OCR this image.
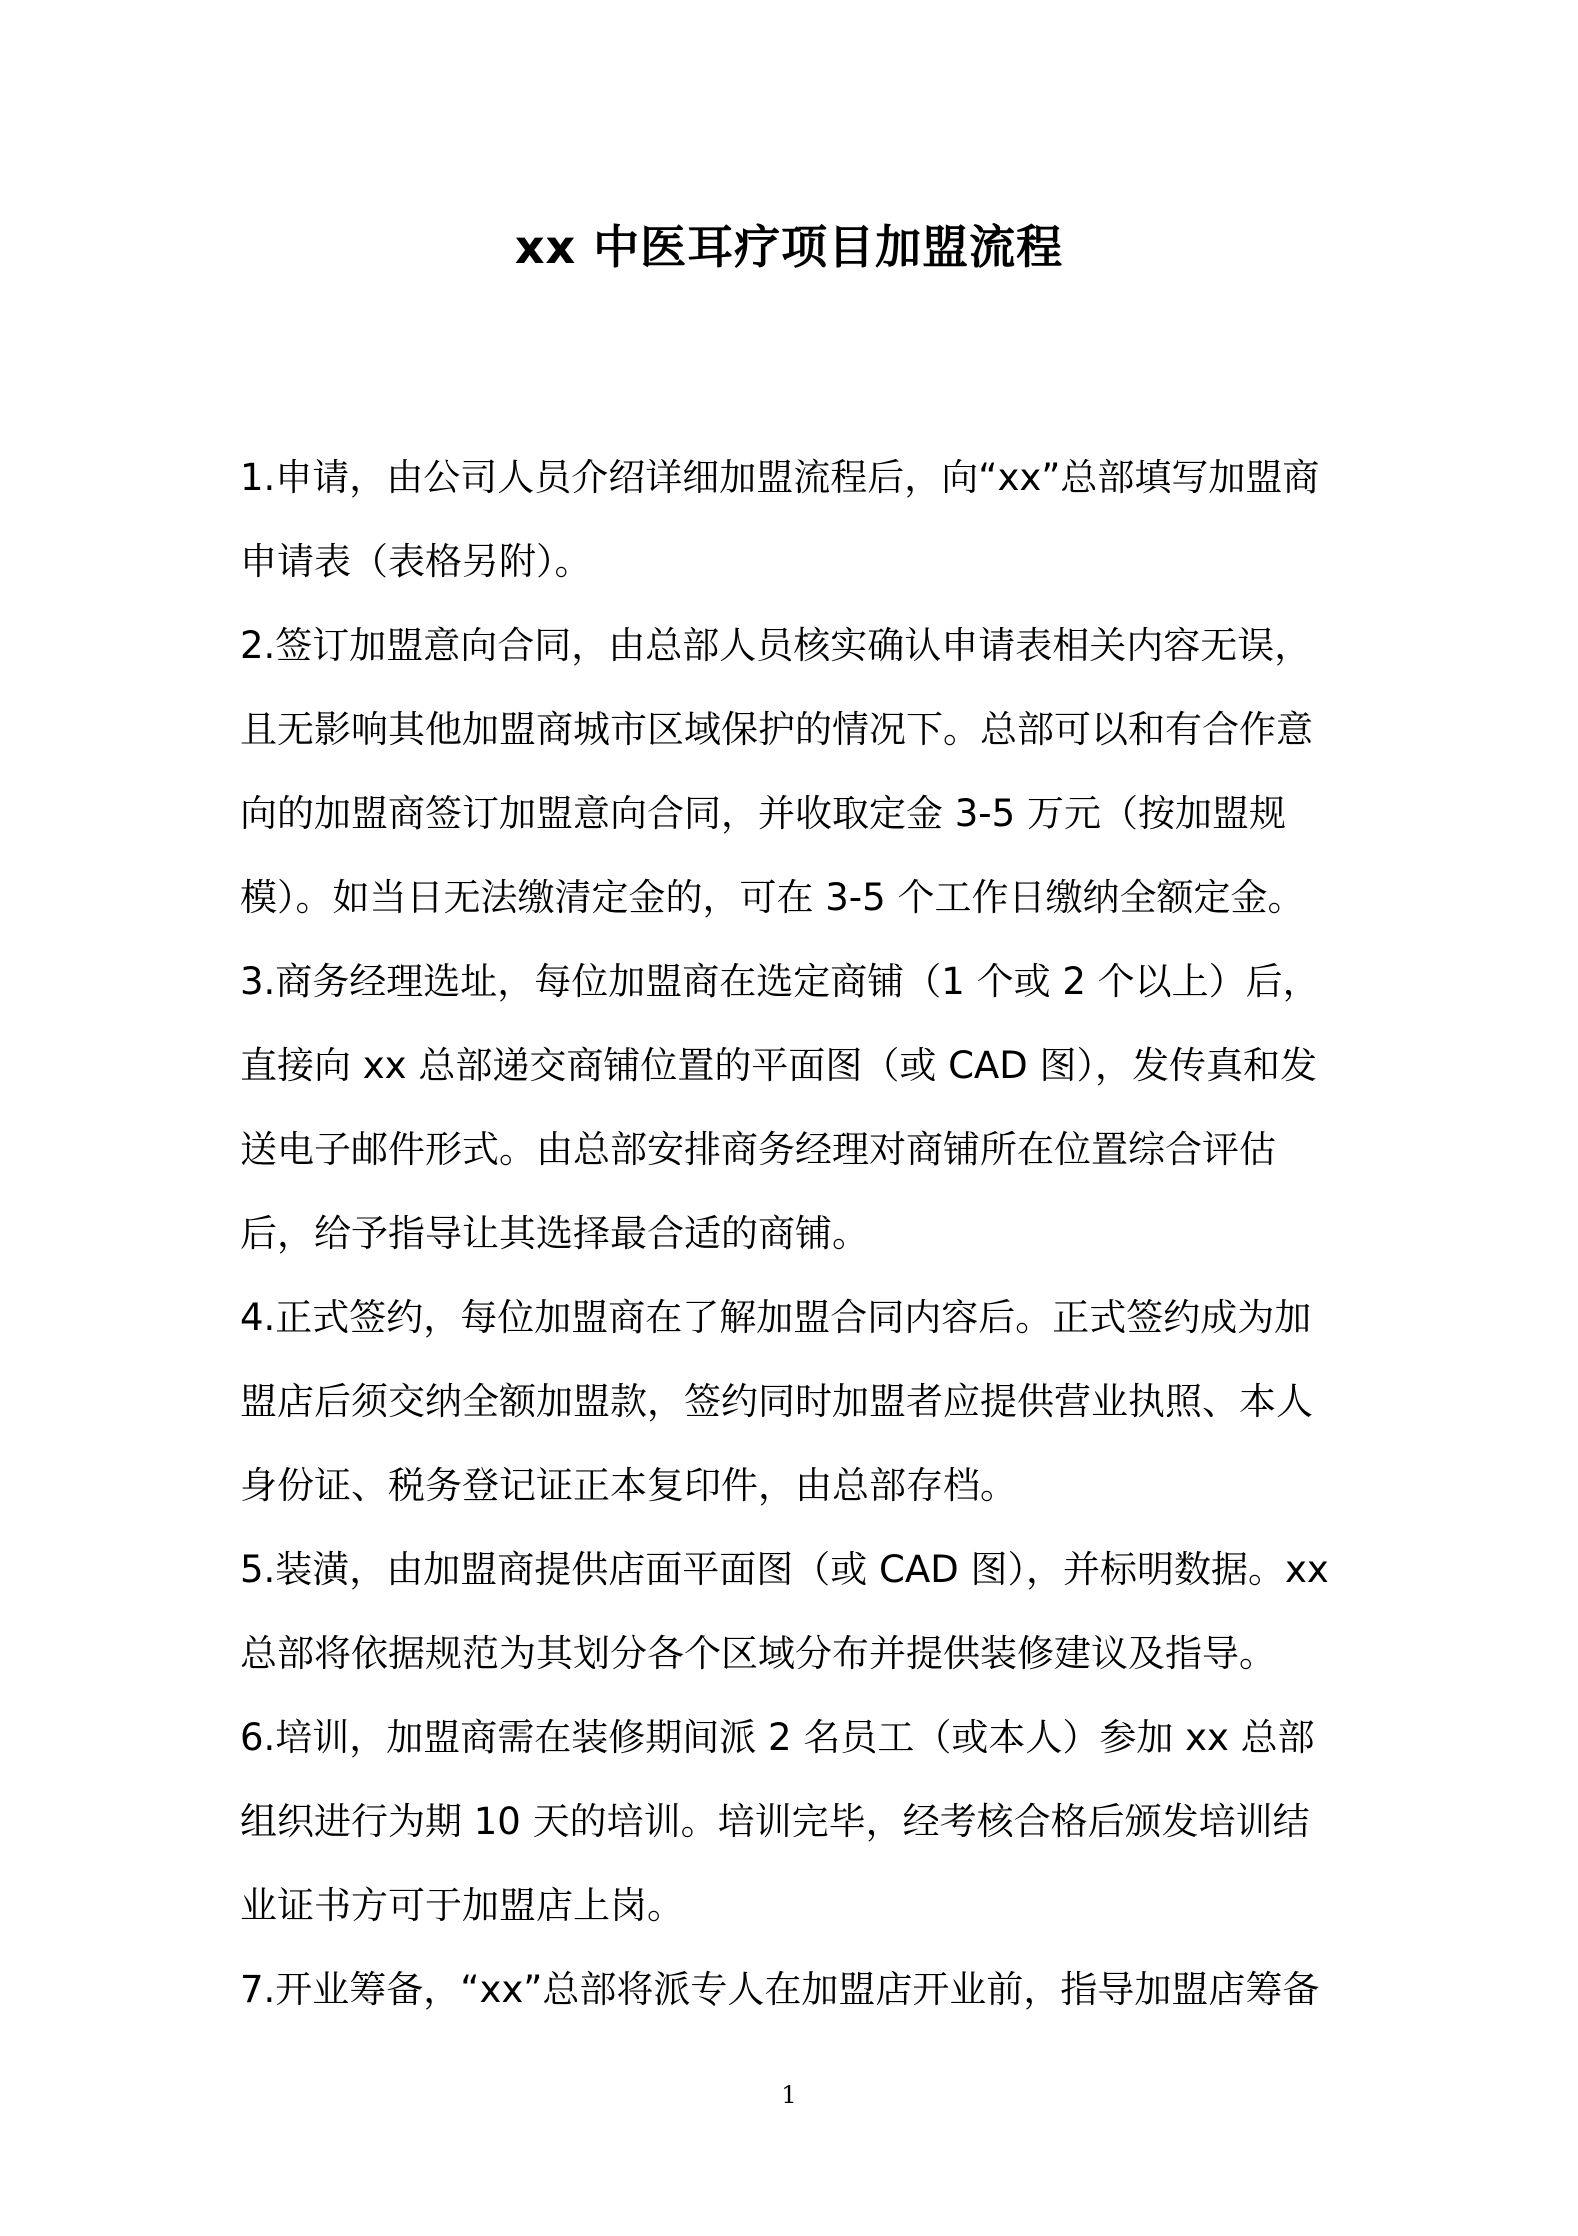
xx 中医耳疗项目加盟流程

1.申请，由公司人员介绍详细加盟流程后，向“xx”总部填写加盟商申请表（表格另附）。

2.签订加盟意向合同，由总部人员核实确认申请表相关内容无误，且无影响其他加盟商城市区域保护的情况下。总部可以和有合作意向的加盟商签订加盟意向合同，并收取定金 3-5 万元（按加盟规模）。如当日无法缴清定金的，可在 3-5 个工作日缴纳全额定金。

3.商务经理选址，每位加盟商在选定商铺（1 个或 2 个以上）后，直接向 xx 总部递交商铺位置的平面图（或 CAD 图），发传真和发送电子邮件形式。由总部安排商务经理对商铺所在位置综合评估后，给予指导让其选择最合适的商铺。

4.正式签约，每位加盟商在了解加盟合同内容后。正式签约成为加盟店后须交纳全额加盟款，签约同时加盟者应提供营业执照、本人身份证、税务登记证正本复印件，由总部存档。

5.装潢，由加盟商提供店面平面图（或 CAD 图），并标明数据。xx 总部将依据规范为其划分各个区域分布并提供装修建议及指导。

6.培训，加盟商需在装修期间派 2 名员工（或本人）参加 xx 总部组织进行为期 10 天的培训。培训完毕，经考核合格后颁发培训结业证书方可于加盟店上岗。

7.开业筹备，“xx”总部将派专人在加盟店开业前，指导加盟店筹备

1
